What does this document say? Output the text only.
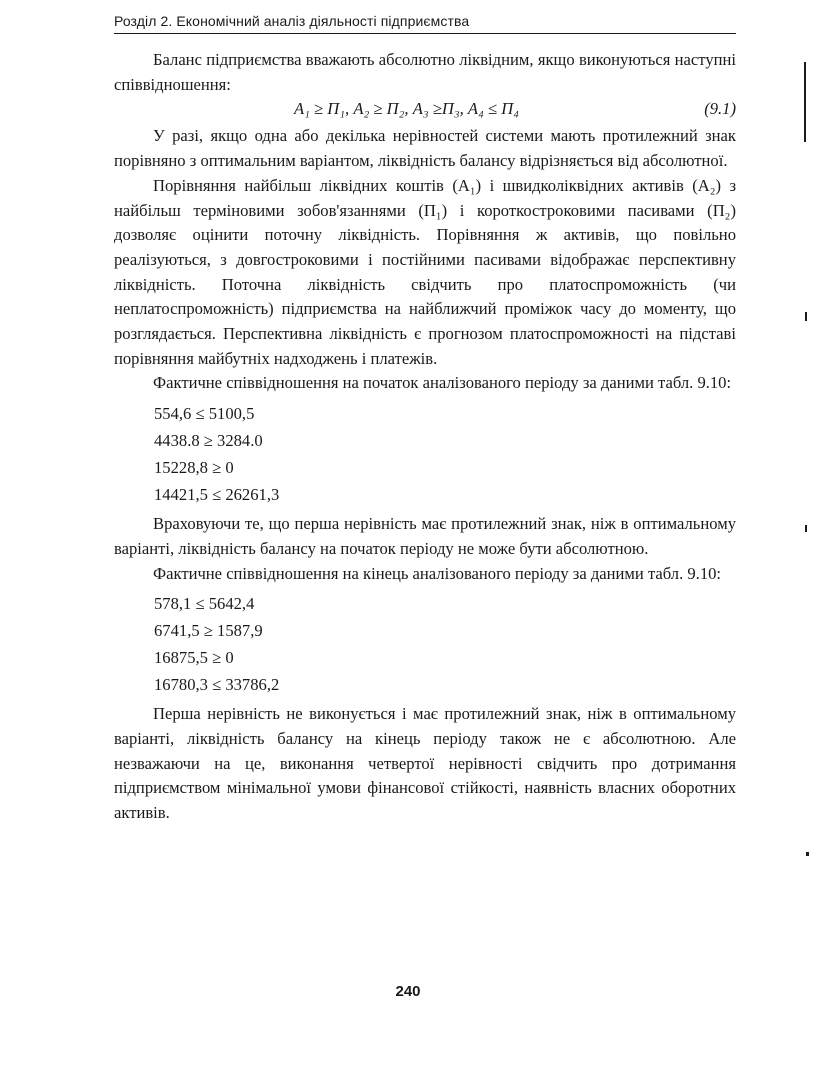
Розділ 2. Економічний аналіз діяльності підприємства

Баланс підприємства вважають абсолютно ліквідним, якщо виконуються наступні співвідношення:

A₁ ≥ П₁, A₂ ≥ П₂, A₃ ≥П₃, A₄ ≤ П₄	(9.1)

У разі, якщо одна або декілька нерівностей системи мають протилежний знак порівняно з оптимальним варіантом, ліквідність балансу відрізняється від абсолютної.

Порівняння найбільш ліквідних коштів (А₁) і швидколіквідних активів (А₂) з найбільш терміновими зобов'язаннями (П₁) і короткостроковими пасивами (П₂) дозволяє оцінити поточну ліквідність. Порівняння ж активів, що повільно реалізуються, з довгостроковими і постійними пасивами відображає перспективну ліквідність. Поточна ліквідність свідчить про платоспроможність (чи неплатоспроможність) підприємства на найближчий проміжок часу до моменту, що розглядається. Перспективна ліквідність є прогнозом платоспроможності на підставі порівняння майбутніх надходжень і платежів.

Фактичне співвідношення на початок аналізованого періоду за даними табл. 9.10:

554,6 ≤ 5100,5
4438.8 ≥ 3284.0
15228,8 ≥ 0
14421,5 ≤ 26261,3

Враховуючи те, що перша нерівність має протилежний знак, ніж в оптимальному варіанті, ліквідність балансу на початок періоду не може бути абсолютною.

Фактичне співвідношення на кінець аналізованого періоду за даними табл. 9.10:

578,1 ≤ 5642,4
6741,5 ≥ 1587,9
16875,5 ≥ 0
16780,3 ≤ 33786,2

Перша нерівність не виконується і має протилежний знак, ніж в оптимальному варіанті, ліквідність балансу на кінець періоду також не є абсолютною. Але незважаючи на це, виконання четвертої нерівності свідчить про дотримання підприємством мінімальної умови фінансової стійкості, наявність власних оборотних активів.

240
